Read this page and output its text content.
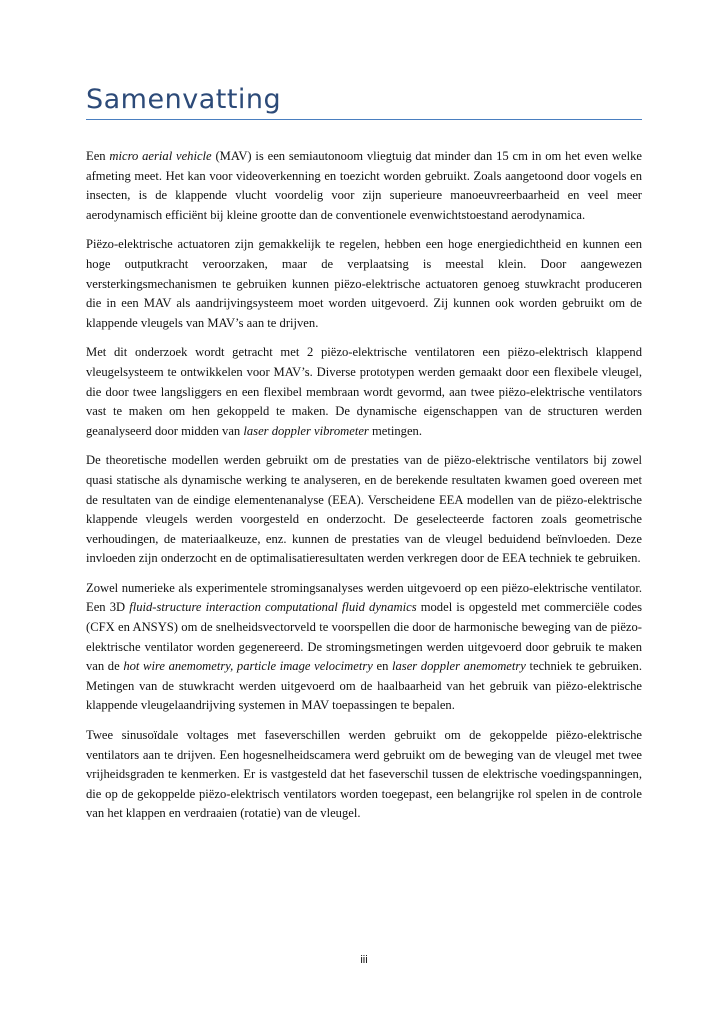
Samenvatting

Een micro aerial vehicle (MAV) is een semiautonoom vliegtuig dat minder dan 15 cm in om het even welke afmeting meet. Het kan voor videoverkenning en toezicht worden gebruikt. Zoals aangetoond door vogels en insecten, is de klappende vlucht voordelig voor zijn superieure manoeuvreerbaarheid en veel meer aerodynamisch efficiënt bij kleine grootte dan de conventionele evenwichtstoestand aerodynamica.

Piëzo-elektrische actuatoren zijn gemakkelijk te regelen, hebben een hoge energiedichtheid en kunnen een hoge outputkracht veroorzaken, maar de verplaatsing is meestal klein. Door aangewezen versterkingsmechanismen te gebruiken kunnen piëzo-elektrische actuatoren genoeg stuwkracht produceren die in een MAV als aandrijvingsysteem moet worden uitgevoerd. Zij kunnen ook worden gebruikt om de klappende vleugels van MAV’s aan te drijven.

Met dit onderzoek wordt getracht met 2 piëzo-elektrische ventilatoren een piëzo-elektrisch klappend vleugelsysteem te ontwikkelen voor MAV’s. Diverse prototypen werden gemaakt door een flexibele vleugel, die door twee langsliggers en een flexibel membraan wordt gevormd, aan twee piëzo-elektrische ventilators vast te maken om hen gekoppeld te maken. De dynamische eigenschappen van de structuren werden geanalyseerd door midden van laser doppler vibrometer metingen.

De theoretische modellen werden gebruikt om de prestaties van de piëzo-elektrische ventilators bij zowel quasi statische als dynamische werking te analyseren, en de berekende resultaten kwamen goed overeen met de resultaten van de eindige elementenanalyse (EEA). Verscheidene EEA modellen van de piëzo-elektrische klappende vleugels werden voorgesteld en onderzocht. De geselecteerde factoren zoals geometrische verhoudingen, de materiaalkeuze, enz. kunnen de prestaties van de vleugel beduidend beïnvloeden. Deze invloeden zijn onderzocht en de optimalisatieresultaten werden verkregen door de EEA techniek te gebruiken.

Zowel numerieke als experimentele stromingsanalyses werden uitgevoerd op een piëzo-elektrische ventilator. Een 3D fluid-structure interaction computational fluid dynamics model is opgesteld met commerciële codes (CFX en ANSYS) om de snelheidsvectorveld te voorspellen die door de harmonische beweging van de piëzo-elektrische ventilator worden gegenereerd. De stromingsmetingen werden uitgevoerd door gebruik te maken van de hot wire anemometry, particle image velocimetry en laser doppler anemometry techniek te gebruiken. Metingen van de stuwkracht werden uitgevoerd om de haalbaarheid van het gebruik van piëzo-elektrische klappende vleugelaandrijving systemen in MAV toepassingen te bepalen.

Twee sinusoïdale voltages met faseverschillen werden gebruikt om de gekoppelde piëzo-elektrische ventilators aan te drijven. Een hogesnelheidscamera werd gebruikt om de beweging van de vleugel met twee vrijheidsgraden te kenmerken. Er is vastgesteld dat het faseverschil tussen de elektrische voedingspanningen, die op de gekoppelde piëzo-elektrisch ventilators worden toegepast, een belangrijke rol spelen in de controle van het klappen en verdraaien (rotatie) van de vleugel.

iii
